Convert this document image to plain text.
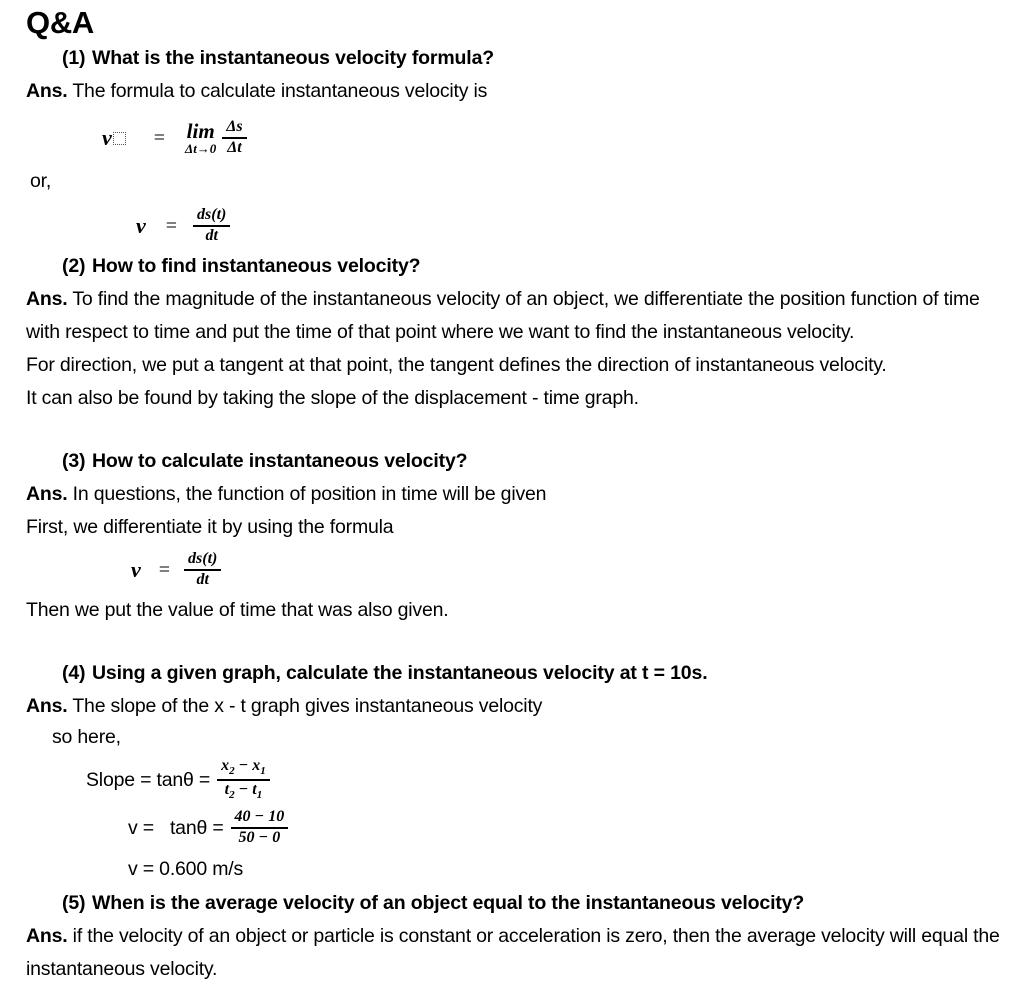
Q&A
(1) What is the instantaneous velocity formula?
Ans. The formula to calculate instantaneous velocity is
v = lim
$\Delta t\to 0 \frac{\Delta s}{\Delta t}$
or,
$v = \frac{ds(t)}{dt}$
(2) How to find instantaneous velocity?
Ans. To find the magnitude of the instantaneous velocity of an object, we differentiate the position function of time with respect to time and put the time of that point where we want to find the instantaneous velocity.
For direction, we put a tangent at that point, the tangent defines the direction of instantaneous velocity.
It can also be found by taking the slope of the displacement - time graph.
(3) How to calculate instantaneous velocity?
Ans. In questions, the function of position in time will be given
First, we differentiate it by using the formula
$v = \frac{ds(t)}{dt}$
Then we put the value of time that was also given.
(4) Using a given graph, calculate the instantaneous velocity at t = 10s.
Ans. The slope of the x - t graph gives instantaneous velocity
so here,
Slope = $\tan\theta = \frac{x_2 - x_1}{t_2 - t_1}$
$v = \tan\theta = \frac{40 - 10}{50 - 0}$
v = 0.600 m/s
(5) When is the average velocity of an object equal to the instantaneous velocity?
Ans. if the velocity of an object or particle is constant or acceleration is zero, then the average velocity will equal the instantaneous velocity.
